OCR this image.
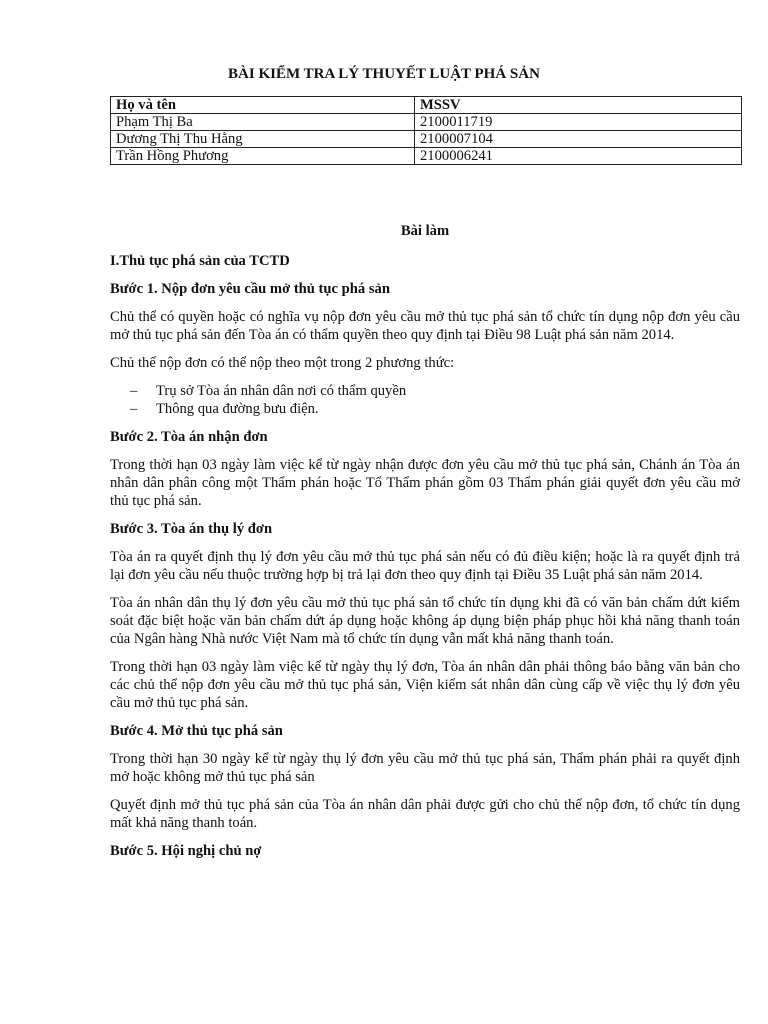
BÀI KIỂM TRA LÝ THUYẾT LUẬT PHÁ SẢN
Họ và tên	MSSV
Phạm Thị Ba	2100011719
Dương Thị Thu Hằng	2100007104
Trần Hồng Phương	2100006241
Bài làm
I.Thủ tục phá sản của TCTD
Bước 1. Nộp đơn yêu cầu mở thủ tục phá sản
Chủ thể có quyền hoặc có nghĩa vụ nộp đơn yêu cầu mở thủ tục phá sản tổ chức tín dụng nộp đơn yêu cầu mở thủ tục phá sản đến Tòa án có thẩm quyền theo quy định tại Điều 98 Luật phá sản năm 2014.
Chủ thể nộp đơn có thể nộp theo một trong 2 phương thức:
– Trụ sở Tòa án nhân dân nơi có thẩm quyền
– Thông qua đường bưu điện.
Bước 2. Tòa án nhận đơn
Trong thời hạn 03 ngày làm việc kể từ ngày nhận được đơn yêu cầu mở thủ tục phá sản, Chánh án Tòa án nhân dân phân công một Thẩm phán hoặc Tổ Thẩm phán gồm 03 Thẩm phán giải quyết đơn yêu cầu mở thủ tục phá sản.
Bước 3. Tòa án thụ lý đơn
Tòa án ra quyết định thụ lý đơn yêu cầu mở thủ tục phá sản nếu có đủ điều kiện; hoặc là ra quyết định trả lại đơn yêu cầu nếu thuộc trường hợp bị trả lại đơn theo quy định tại Điều 35 Luật phá sản năm 2014.
Tòa án nhân dân thụ lý đơn yêu cầu mở thủ tục phá sản tổ chức tín dụng khi đã có văn bản chấm dứt kiểm soát đặc biệt hoặc văn bản chấm dứt áp dụng hoặc không áp dụng biện pháp phục hồi khả năng thanh toán của Ngân hàng Nhà nước Việt Nam mà tổ chức tín dụng vẫn mất khả năng thanh toán.
Trong thời hạn 03 ngày làm việc kể từ ngày thụ lý đơn, Tòa án nhân dân phải thông báo bằng văn bản cho các chủ thể nộp đơn yêu cầu mở thủ tục phá sản, Viện kiểm sát nhân dân cùng cấp về việc thụ lý đơn yêu cầu mở thủ tục phá sản.
Bước 4. Mở thủ tục phá sản
Trong thời hạn 30 ngày kể từ ngày thụ lý đơn yêu cầu mở thủ tục phá sản, Thẩm phán phải ra quyết định mở hoặc không mở thủ tục phá sản
Quyết định mở thủ tục phá sản của Tòa án nhân dân phải được gửi cho chủ thể nộp đơn, tổ chức tín dụng mất khả năng thanh toán.
Bước 5. Hội nghị chủ nợ
